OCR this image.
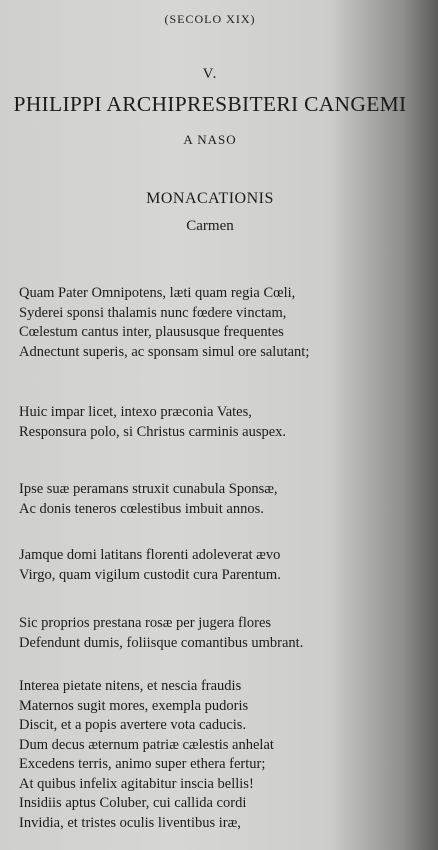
(SECOLO XIX)
V.
PHILIPPI ARCHIPRESBITERI CANGEMI
A NASO
MONACATIONIS
Carmen
Quam Pater Omnipotens, læti quam regia Cœli,
Syderei sponsi thalamis nunc fœdere vinctam,
Cœlestum cantus inter, plaususque frequentes
Adnectunt superis, ac sponsam simul ore salutant;
Huic impar licet, intexo præconia Vates,
Responsura polo, si Christus carminis auspex.
Ipse suæ peramans struxit cunabula Sponsæ,
Ac donis teneros cœlestibus imbuit annos.
Jamque domi latitans florenti adoleverat ævo
Virgo, quam vigilum custodit cura Parentum.
Sic proprios prestana rosæ per jugera flores
Defendunt dumis, foliisque comantibus umbrant.
Interea pietate nitens, et nescia fraudis
Maternos sugit mores, exempla pudoris
Discit, et a popis avertere vota caducis.
Dum decus æternum patriæ cælestis anhelat
Excedens terris, animo super ethera fertur;
At quibus infelix agitabitur inscia bellis!
Insidiis aptus Coluber, cui callida cordi
Invidia, et tristes oculis liventibus iræ,
